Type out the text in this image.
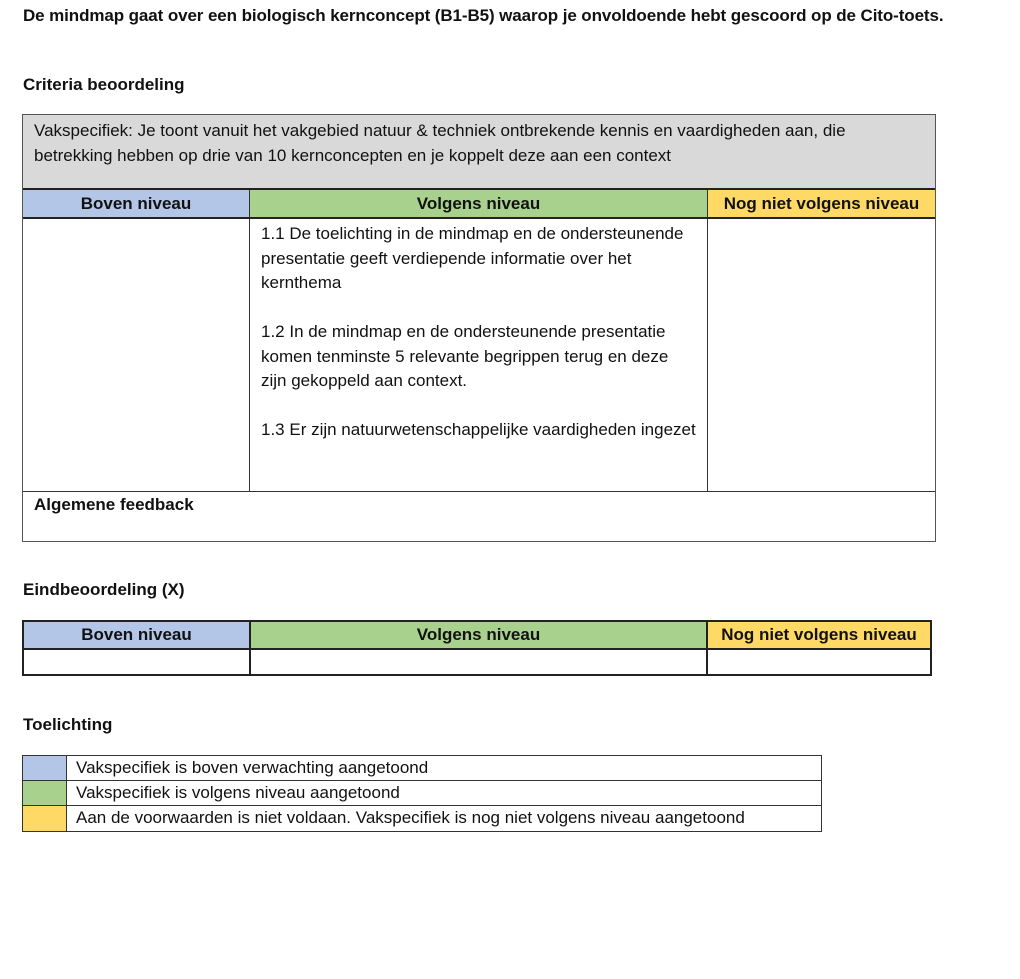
De mindmap gaat over een biologisch kernconcept (B1-B5) waarop je onvoldoende hebt gescoord op de Cito-toets.
Criteria beoordeling
Vakspecifiek: Je toont vanuit het vakgebied natuur & techniek ontbrekende kennis en vaardigheden aan, die betrekking hebben op drie van 10 kernconcepten en je koppelt deze aan een context
Boven niveau	Volgens niveau	Nog niet volgens niveau

1.1 De toelichting in de mindmap en de ondersteunende presentatie geeft verdiepende informatie over het kernthema

1.2 In de mindmap en de ondersteunende presentatie komen tenminste 5 relevante begrippen terug en deze zijn gekoppeld aan context.

1.3 Er zijn natuurwetenschappelijke vaardigheden ingezet

Algemene feedback
Eindbeoordeling (X)
Boven niveau	Volgens niveau	Nog niet volgens niveau
Toelichting
Vakspecifiek is boven verwachting aangetoond
Vakspecifiek is volgens niveau aangetoond
Aan de voorwaarden is niet voldaan. Vakspecifiek is nog niet volgens niveau aangetoond
